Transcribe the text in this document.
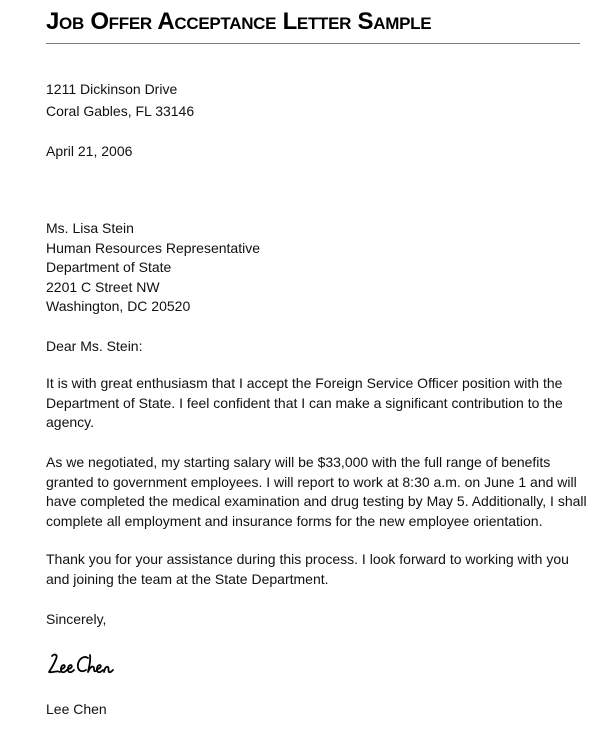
Job Offer Acceptance Letter Sample
1211 Dickinson Drive
Coral Gables, FL 33146
April 21, 2006
Ms. Lisa Stein
Human Resources Representative
Department of State
2201 C Street NW
Washington, DC 20520
Dear Ms. Stein:
It is with great enthusiasm that I accept the Foreign Service Officer position with the
Department of State. I feel confident that I can make a significant contribution to the
agency.
As we negotiated, my starting salary will be $33,000 with the full range of benefits
granted to government employees. I will report to work at 8:30 a.m. on June 1 and will
have completed the medical examination and drug testing by May 5. Additionally, I shall
complete all employment and insurance forms for the new employee orientation.
Thank you for your assistance during this process. I look forward to working with you
and joining the team at the State Department.
Sincerely,
Lee Chen
